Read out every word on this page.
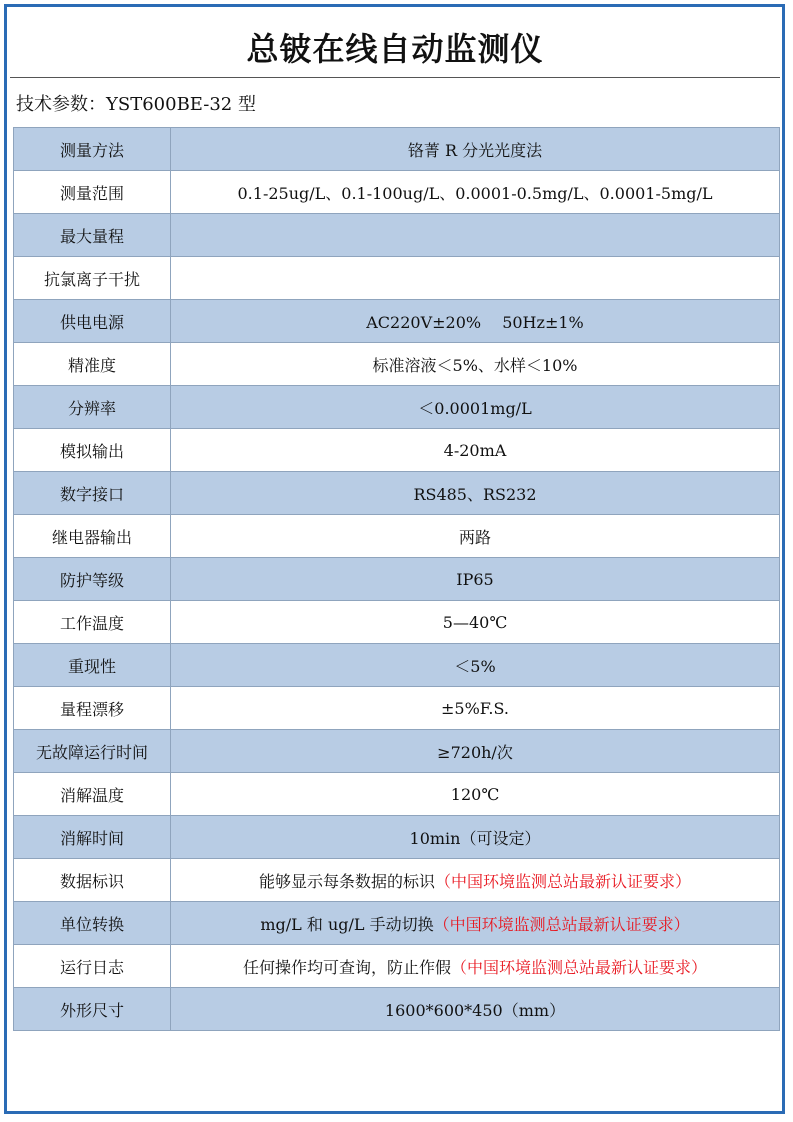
总铍在线自动监测仪
技术参数：YST600BE-32 型
测量方法	铬菁 R 分光光度法
测量范围	0.1-25ug/L、0.1-100ug/L、0.0001-0.5mg/L、0.0001-5mg/L
最大量程	
抗氯离子干扰	
供电电源	AC220V±20%　 50Hz±1%
精准度	标准溶液＜5%、水样＜10%
分辨率	＜0.0001mg/L
模拟输出	4-20mA
数字接口	RS485、RS232
继电器输出	两路
防护等级	IP65
工作温度	5—40℃
重现性	＜5%
量程漂移	±5%F.S.
无故障运行时间	≥720h/次
消解温度	120℃
消解时间	10min（可设定）
数据标识	能够显示每条数据的标识（中国环境监测总站最新认证要求）
单位转换	mg/L 和 ug/L 手动切换（中国环境监测总站最新认证要求）
运行日志	任何操作均可查询，防止作假（中国环境监测总站最新认证要求）
外形尺寸	1600*600*450（mm）
